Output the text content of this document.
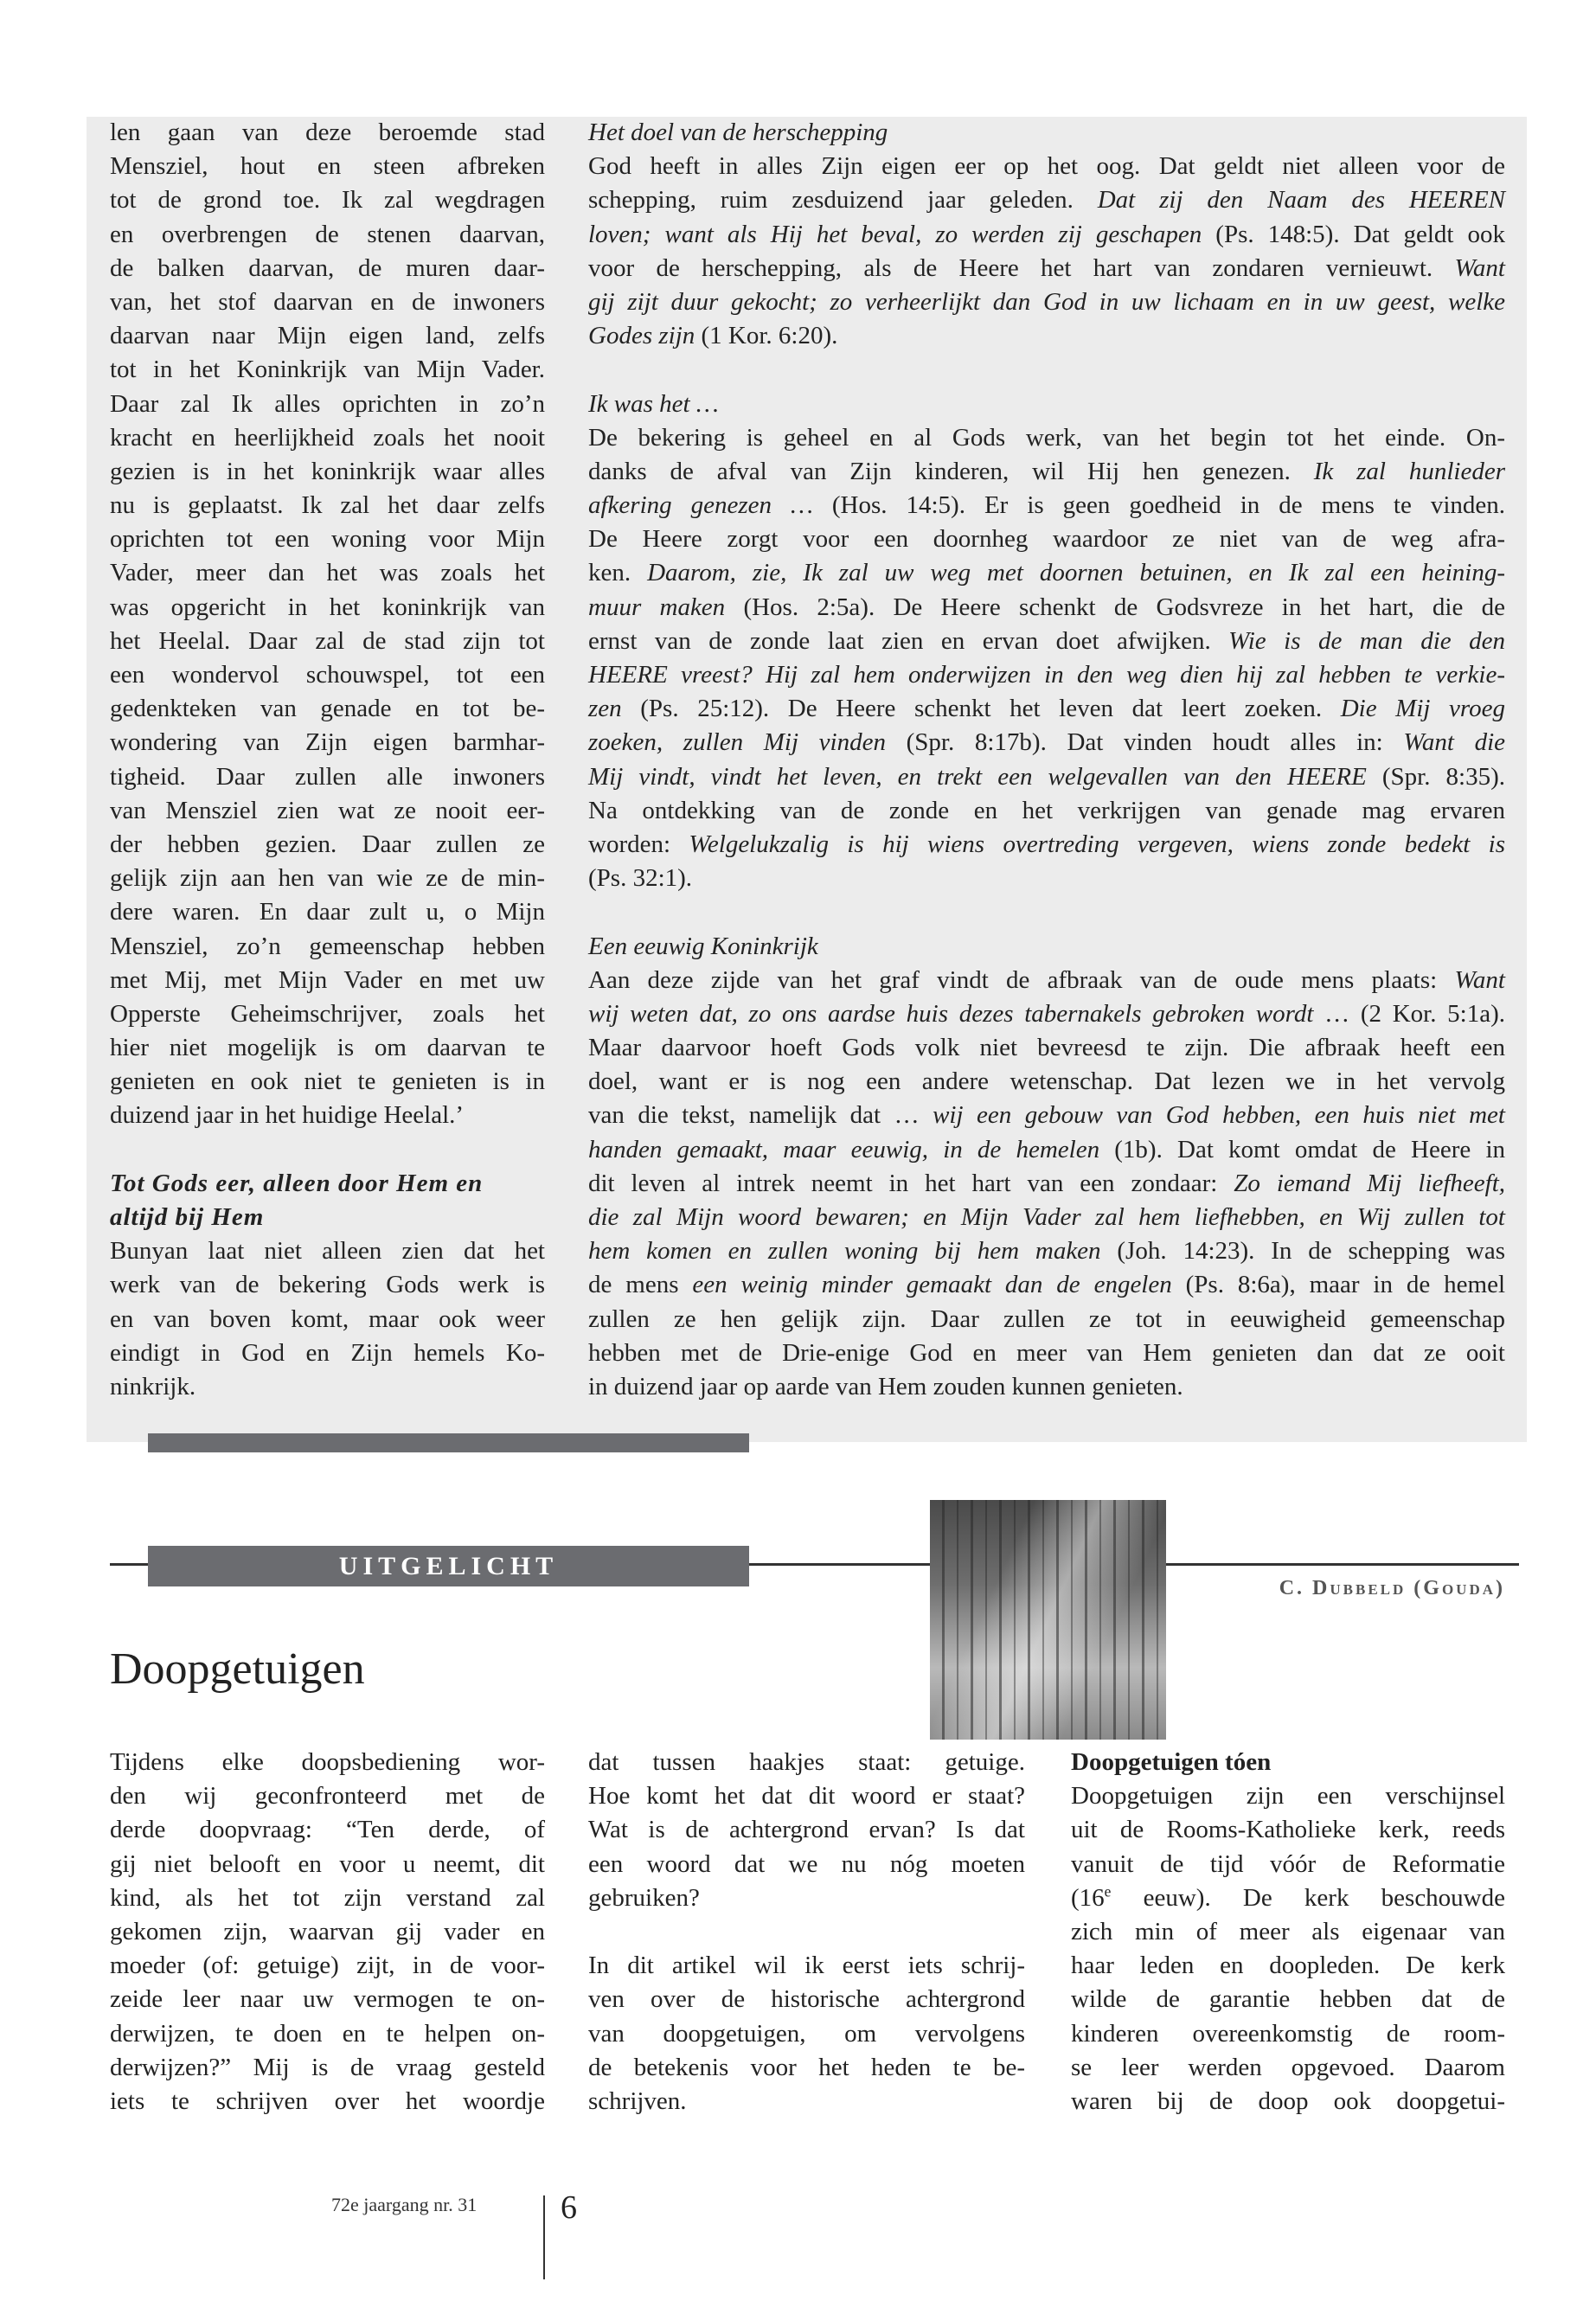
len gaan van deze beroemde stad
Mensziel, hout en steen afbreken
tot de grond toe. Ik zal wegdragen
en overbrengen de stenen daarvan,
de balken daarvan, de muren daar-
van, het stof daarvan en de inwoners
daarvan naar Mijn eigen land, zelfs
tot in het Koninkrijk van Mijn Vader.
Daar zal Ik alles oprichten in zo’n
kracht en heerlijkheid zoals het nooit
gezien is in het koninkrijk waar alles
nu is geplaatst. Ik zal het daar zelfs
oprichten tot een woning voor Mijn
Vader, meer dan het was zoals het
was opgericht in het koninkrijk van
het Heelal. Daar zal de stad zijn tot
een wondervol schouwspel, tot een
gedenkteken van genade en tot be-
wondering van Zijn eigen barmhar-
tigheid. Daar zullen alle inwoners
van Mensziel zien wat ze nooit eer-
der hebben gezien. Daar zullen ze
gelijk zijn aan hen van wie ze de min-
dere waren. En daar zult u, o Mijn
Mensziel, zo’n gemeenschap hebben
met Mij, met Mijn Vader en met uw
Opperste Geheimschrijver, zoals het
hier niet mogelijk is om daarvan te
genieten en ook niet te genieten is in
duizend jaar in het huidige Heelal.’
Tot Gods eer, alleen door Hem en
altijd bij Hem
Bunyan laat niet alleen zien dat het
werk van de bekering Gods werk is
en van boven komt, maar ook weer
eindigt in God en Zijn hemels Ko-
ninkrijk.
Het doel van de herschepping
God heeft in alles Zijn eigen eer op het oog. Dat geldt niet alleen voor de
schepping, ruim zesduizend jaar geleden. Dat zij den Naam des HEEREN
loven; want als Hij het beval, zo werden zij geschapen (Ps. 148:5). Dat geldt ook
voor de herschepping, als de Heere het hart van zondaren vernieuwt. Want
gij zijt duur gekocht; zo verheerlijkt dan God in uw lichaam en in uw geest, welke
Godes zijn (1 Kor. 6:20).
Ik was het …
De bekering is geheel en al Gods werk, van het begin tot het einde. On-
danks de afval van Zijn kinderen, wil Hij hen genezen. Ik zal hunlieder
afkering genezen … (Hos. 14:5). Er is geen goedheid in de mens te vinden.
De Heere zorgt voor een doornheg waardoor ze niet van de weg afra-
ken. Daarom, zie, Ik zal uw weg met doornen betuinen, en Ik zal een heining-
muur maken (Hos. 2:5a). De Heere schenkt de Godsvreze in het hart, die de
ernst van de zonde laat zien en ervan doet afwijken. Wie is de man die den
HEERE vreest? Hij zal hem onderwijzen in den weg dien hij zal hebben te verkie-
zen (Ps. 25:12). De Heere schenkt het leven dat leert zoeken. Die Mij vroeg
zoeken, zullen Mij vinden (Spr. 8:17b). Dat vinden houdt alles in: Want die
Mij vindt, vindt het leven, en trekt een welgevallen van den HEERE (Spr. 8:35).
Na ontdekking van de zonde en het verkrijgen van genade mag ervaren
worden: Welgelukzalig is hij wiens overtreding vergeven, wiens zonde bedekt is
(Ps. 32:1).
Een eeuwig Koninkrijk
Aan deze zijde van het graf vindt de afbraak van de oude mens plaats: Want
wij weten dat, zo ons aardse huis dezes tabernakels gebroken wordt … (2 Kor. 5:1a).
Maar daarvoor hoeft Gods volk niet bevreesd te zijn. Die afbraak heeft een
doel, want er is nog een andere wetenschap. Dat lezen we in het vervolg
van die tekst, namelijk dat … wij een gebouw van God hebben, een huis niet met
handen gemaakt, maar eeuwig, in de hemelen (1b). Dat komt omdat de Heere in
dit leven al intrek neemt in het hart van een zondaar: Zo iemand Mij liefheeft,
die zal Mijn woord bewaren; en Mijn Vader zal hem liefhebben, en Wij zullen tot
hem komen en zullen woning bij hem maken (Joh. 14:23). In de schepping was
de mens een weinig minder gemaakt dan de engelen (Ps. 8:6a), maar in de hemel
zullen ze hen gelijk zijn. Daar zullen ze tot in eeuwigheid gemeenschap
hebben met de Drie-enige God en meer van Hem genieten dan dat ze ooit
in duizend jaar op aarde van Hem zouden kunnen genieten.
UITGELICHT
C. Dubbeld (Gouda)
Doopgetuigen
Tijdens elke doopsbediening wor-
den wij geconfronteerd met de
derde doopvraag: “Ten derde, of
gij niet belooft en voor u neemt, dit
kind, als het tot zijn verstand zal
gekomen zijn, waarvan gij vader en
moeder (of: getuige) zijt, in de voor-
zeide leer naar uw vermogen te on-
derwijzen, te doen en te helpen on-
derwijzen?” Mij is de vraag gesteld
iets te schrijven over het woordje
dat tussen haakjes staat: getuige.
Hoe komt het dat dit woord er staat?
Wat is de achtergrond ervan? Is dat
een woord dat we nu nóg moeten
gebruiken?
In dit artikel wil ik eerst iets schrij-
ven over de historische achtergrond
van doopgetuigen, om vervolgens
de betekenis voor het heden te be-
schrijven.
Doopgetuigen tóen
Doopgetuigen zijn een verschijnsel
uit de Rooms-Katholieke kerk, reeds
vanuit de tijd vóór de Reformatie
(16e eeuw). De kerk beschouwde
zich min of meer als eigenaar van
haar leden en doopleden. De kerk
wilde de garantie hebben dat de
kinderen overeenkomstig de room-
se leer werden opgevoed. Daarom
waren bij de doop ook doopgetui-
72e jaargang nr. 31	6
